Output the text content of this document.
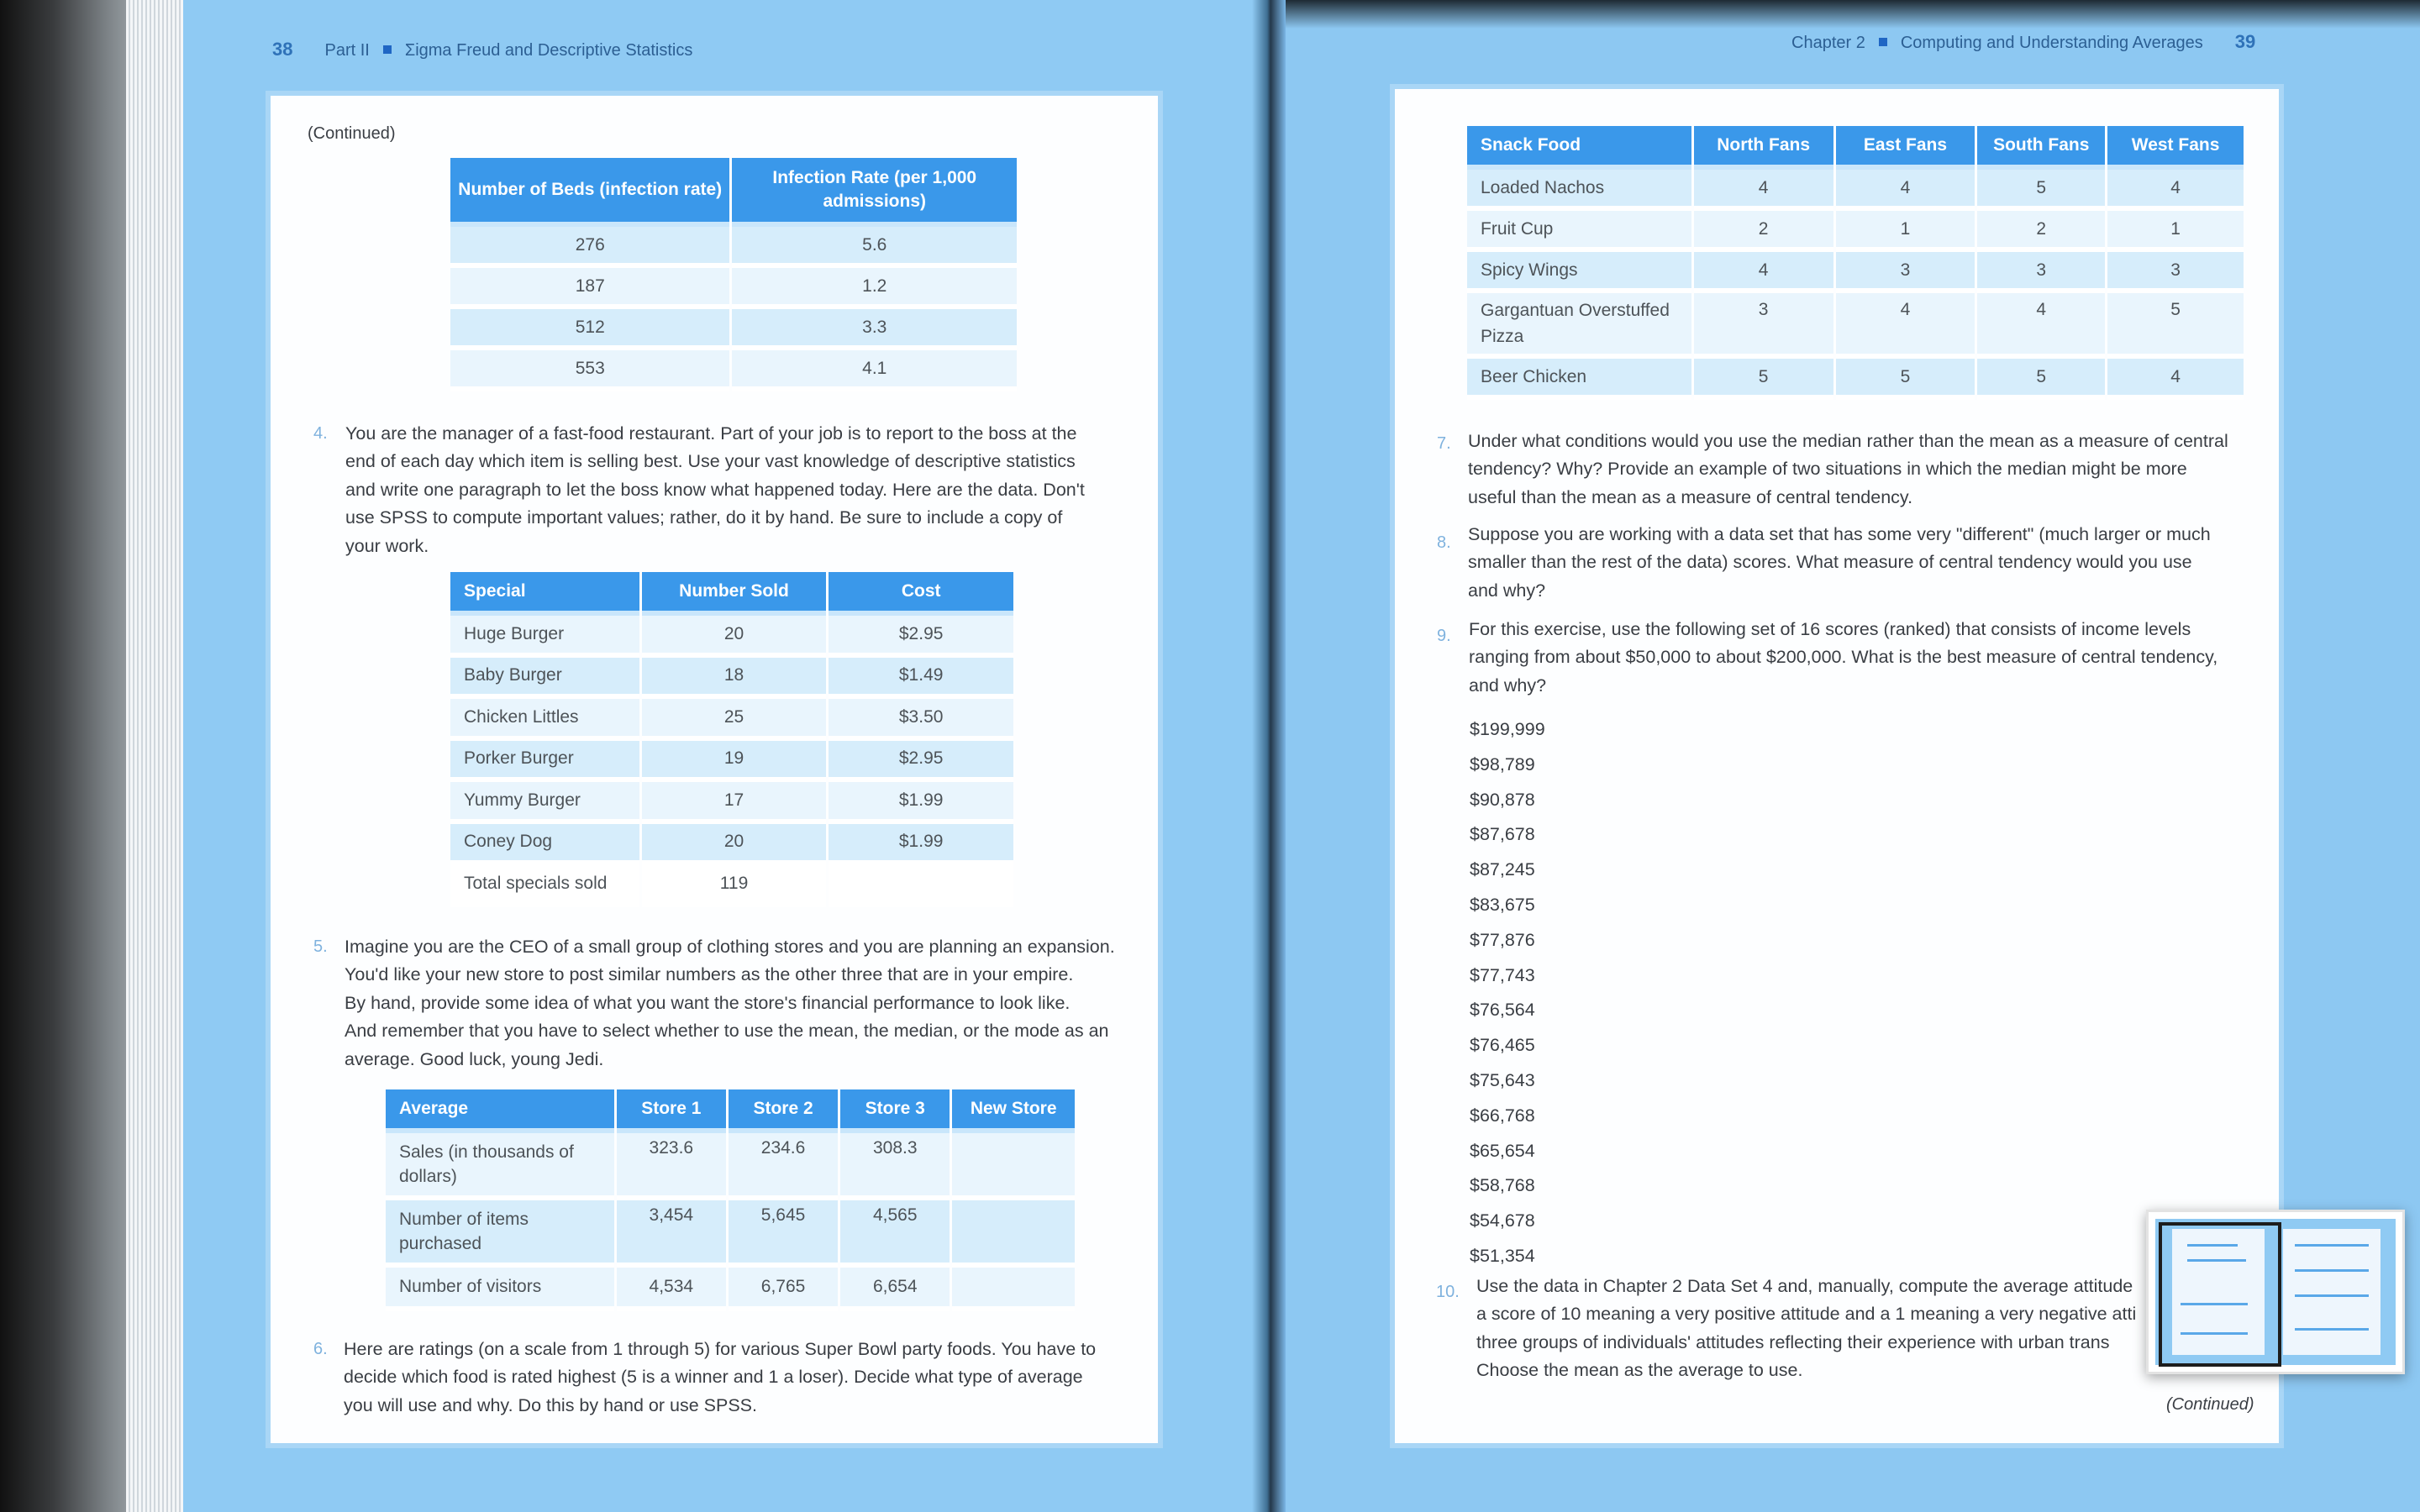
38 Part II Σigma Freud and Descriptive Statistics
(Continued)
Number of Beds (infection rate)	Infection Rate (per 1,000 admissions)
276	5.6
187	1.2
512	3.3
553	4.1
4. You are the manager of a fast-food restaurant. Part of your job is to report to the boss at the
end of each day which item is selling best. Use your vast knowledge of descriptive statistics
and write one paragraph to let the boss know what happened today. Here are the data. Don't
use SPSS to compute important values; rather, do it by hand. Be sure to include a copy of
your work.
Special	Number Sold	Cost
Huge Burger	20	$2.95
Baby Burger	18	$1.49
Chicken Littles	25	$3.50
Porker Burger	19	$2.95
Yummy Burger	17	$1.99
Coney Dog	20	$1.99
Total specials sold	119	
5. Imagine you are the CEO of a small group of clothing stores and you are planning an expansion.
You'd like your new store to post similar numbers as the other three that are in your empire.
By hand, provide some idea of what you want the store's financial performance to look like.
And remember that you have to select whether to use the mean, the median, or the mode as an
average. Good luck, young Jedi.
Average	Store 1	Store 2	Store 3	New Store
Sales (in thousands of dollars)	323.6	234.6	308.3	
Number of items purchased	3,454	5,645	4,565	
Number of visitors	4,534	6,765	6,654	
6. Here are ratings (on a scale from 1 through 5) for various Super Bowl party foods. You have to
decide which food is rated highest (5 is a winner and 1 a loser). Decide what type of average
you will use and why. Do this by hand or use SPSS.
Chapter 2 Computing and Understanding Averages 39
Snack Food	North Fans	East Fans	South Fans	West Fans
Loaded Nachos	4	4	5	4
Fruit Cup	2	1	2	1
Spicy Wings	4	3	3	3
Gargantuan Overstuffed Pizza	3	4	4	5
Beer Chicken	5	5	5	4
7. Under what conditions would you use the median rather than the mean as a measure of central
tendency? Why? Provide an example of two situations in which the median might be more
useful than the mean as a measure of central tendency.
8. Suppose you are working with a data set that has some very "different" (much larger or much
smaller than the rest of the data) scores. What measure of central tendency would you use
and why?
9. For this exercise, use the following set of 16 scores (ranked) that consists of income levels
ranging from about $50,000 to about $200,000. What is the best measure of central tendency,
and why?
$199,999
$98,789
$90,878
$87,678
$87,245
$83,675
$77,876
$77,743
$76,564
$76,465
$75,643
$66,768
$65,654
$58,768
$54,678
$51,354
10. Use the data in Chapter 2 Data Set 4 and, manually, compute the average attitude
a score of 10 meaning a very positive attitude and a 1 meaning a very negative atti
three groups of individuals' attitudes reflecting their experience with urban trans
Choose the mean as the average to use.
(Continued)
